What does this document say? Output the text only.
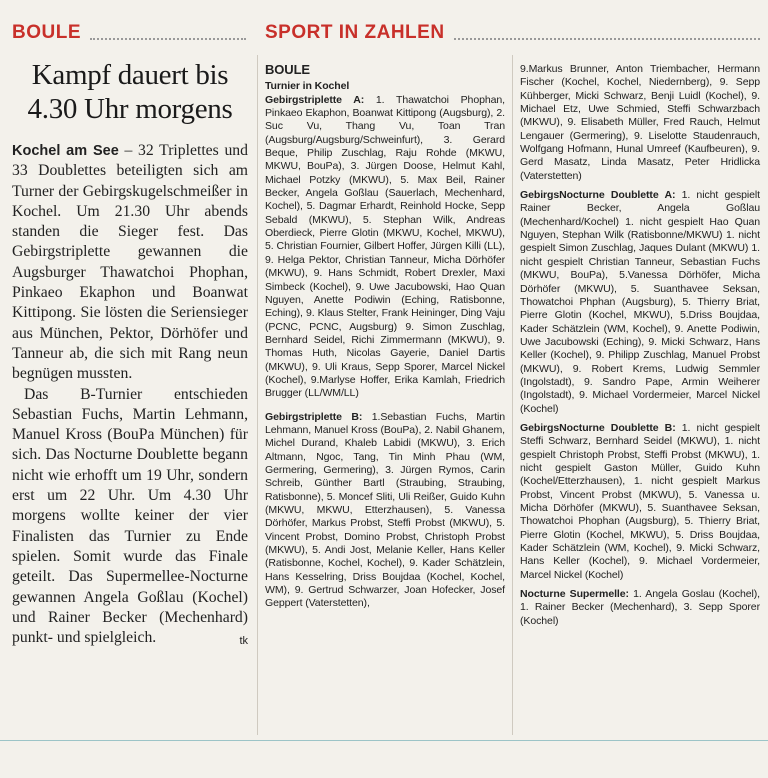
BOULE	SPORT IN ZAHLEN
Kampf dauert bis 4.30 Uhr morgens

Kochel am See – 32 Triplettes und 33 Doublettes beteiligten sich am Turner der Gebirgskugelschmeißer in Kochel. Um 21.30 Uhr abends standen die Sieger fest. Das Gebirgstriplette gewannen die Augsburger Thawatchoi Phophan, Pinkaeo Ekaphon und Boanwat Kittipong. Sie lösten die Seriensieger aus München, Pektor, Dörhöfer und Tanneur ab, die sich mit Rang neun begnügen mussten.

Das B-Turnier entschieden Sebastian Fuchs, Martin Lehmann, Manuel Kross (BouPa München) für sich. Das Nocturne Doublette begann nicht wie erhofft um 19 Uhr, sondern erst um 22 Uhr. Um 4.30 Uhr morgens wollte keiner der vier Finalisten das Turnier zu Ende spielen. Somit wurde das Finale geteilt. Das Supermellee-Nocturne gewannen Angela Goßlau (Kochel) und Rainer Becker (Mechenhard) punkt- und spielgleich.	tk

BOULE
Turnier in Kochel

Gebirgstriplette A: 1. Thawatchoi Phophan, Pinkaeo Ekaphon, Boanwat Kittipong (Augsburg), 2. Suc Vu, Thang Vu, Toan Tran (Augsburg/Augsburg/Schweinfurt), 3. Gerard Beque, Philip Zuschlag, Raju Rohde (MKWU, MKWU, BouPa), 3. Jürgen Doose, Helmut Kahl, Michael Potzky (MKWU), 5. Max Beil, Rainer Becker, Angela Goßlau (Sauerlach, Mechenhard, Kochel), 5. Dagmar Erhardt, Reinhold Hocke, Sepp Sebald (MKWU), 5. Stephan Wilk, Andreas Oberdieck, Pierre Glotin (MKWU, Kochel, MKWU), 5. Christian Fournier, Gilbert Hoffer, Jürgen Killi (LL), 9. Helga Pektor, Christian Tanneur, Micha Dörhöfer (MKWU), 9. Hans Schmidt, Robert Drexler, Maxi Simbeck (Kochel), 9. Uwe Jacubowski, Hao Quan Nguyen, Anette Podiwin (Eching, Ratisbonne, Eching), 9. Klaus Stelter, Frank Heininger, Ding Vaju (PCNC, PCNC, Augsburg) 9. Simon Zuschlag, Bernhard Seidel, Richi Zimmermann (MKWU), 9. Thomas Huth, Nicolas Gayerie, Daniel Dartis (MKWU), 9. Uli Kraus, Sepp Sporer, Marcel Nickel (Kochel), 9.Marlyse Hoffer, Erika Kamlah, Friedrich Brugger (LL/WM/LL)

Gebirgstriplette B: 1.Sebastian Fuchs, Martin Lehmann, Manuel Kross (BouPa), 2. Nabil Ghanem, Michel Durand, Khaleb Labidi (MKWU), 3. Erich Altmann, Ngoc, Tang, Tin Minh Phau (WM, Germering, Germering), 3. Jürgen Rymos, Carin Schreib, Günther Bartl (Straubing, Straubing, Ratisbonne), 5. Moncef Sliti, Uli Reißer, Guido Kuhn (MKWU, MKWU, Etterzhausen), 5. Vanessa Dörhöfer, Markus Probst, Steffi Probst (MKWU), 5. Vincent Probst, Domino Probst, Christoph Probst (MKWU), 5. Andi Jost, Melanie Keller, Hans Keller (Ratisbonne, Kochel, Kochel), 9. Kader Schätzlein, Hans Kesselring, Driss Boujdaa (Kochel, Kochel, WM), 9. Gertrud Schwarzer, Joan Hofecker, Josef Geppert (Vaterstetten),

9.Markus Brunner, Anton Triembacher, Hermann Fischer (Kochel, Kochel, Niedernberg), 9. Sepp Kühberger, Micki Schwarz, Benji Luidl (Kochel), 9. Michael Etz, Uwe Schmied, Steffi Schwarzbach (MKWU), 9. Elisabeth Müller, Fred Rauch, Helmut Lengauer (Germering), 9. Liselotte Staudenrauch, Wolfgang Hofmann, Hunal Umreef (Kaufbeuren), 9. Gerd Masatz, Linda Masatz, Peter Hridlicka (Vaterstetten)

GebirgsNocturne Doublette A: 1. nicht gespielt Rainer Becker, Angela Goßlau (Mechenhard/Kochel) 1. nicht gespielt Hao Quan Nguyen, Stephan Wilk (Ratisbonne/MKWU) 1. nicht gespielt Simon Zuschlag, Jaques Dulant (MKWU) 1. nicht gespielt Christian Tanneur, Sebastian Fuchs (MKWU, BouPa), 5.Vanessa Dörhöfer, Micha Dörhöfer (MKWU), 5. Suanthavee Seksan, Thowatchoi Phphan (Augsburg), 5. Thierry Briat, Pierre Glotin (Kochel, MKWU), 5.Driss Boujdaa, Kader Schätzlein (WM, Kochel), 9. Anette Podiwin, Uwe Jacubowski (Eching), 9. Micki Schwarz, Hans Keller (Kochel), 9. Philipp Zuschlag, Manuel Probst (MKWU), 9. Robert Krems, Ludwig Semmler (Ingolstadt), 9. Sandro Pape, Armin Weiherer (Ingolstadt), 9. Michael Vordermeier, Marcel Nickel (Kochel)

GebirgsNocturne Doublette B: 1. nicht gespielt Steffi Schwarz, Bernhard Seidel (MKWU), 1. nicht gespielt Christoph Probst, Steffi Probst (MKWU), 1. nicht gespielt Gaston Müller, Guido Kuhn (Kochel/Etterzhausen), 1. nicht gespielt Markus Probst, Vincent Probst (MKWU), 5. Vanessa u. Micha Dörhöfer (MKWU), 5. Suanthavee Seksan, Thowatchoi Phophan (Augsburg), 5. Thierry Briat, Pierre Glotin (Kochel, MKWU), 5. Driss Boujdaa, Kader Schätzlein (WM, Kochel), 9. Micki Schwarz, Hans Keller (Kochel), 9. Michael Vordermeier, Marcel Nickel (Kochel)

Nocturne Supermelle: 1. Angela Goslau (Kochel), 1. Rainer Becker (Mechenhard), 3. Sepp Sporer (Kochel)
